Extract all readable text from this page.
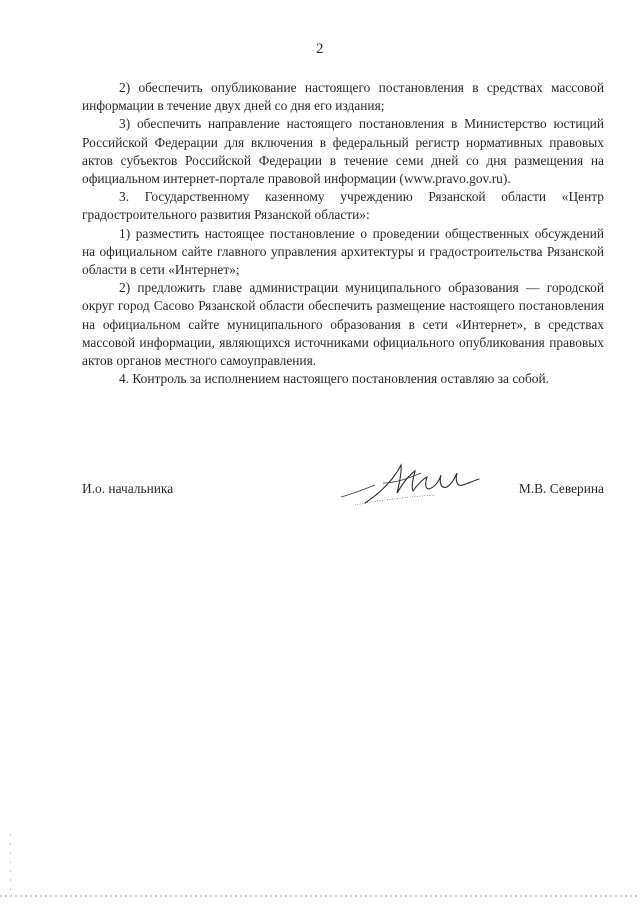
2

2) обеспечить опубликование настоящего постановления в средствах массовой информации в течение двух дней со дня его издания;

3) обеспечить направление настоящего постановления в Министерство юстиций Российской Федерации для включения в федеральный регистр нормативных правовых актов субъектов Российской Федерации в течение семи дней со дня размещения на официальном интернет-портале правовой информации (www.pravo.gov.ru).

3. Государственному казенному учреждению Рязанской области «Центр градостроительного развития Рязанской области»:

1) разместить настоящее постановление о проведении общественных обсуждений на официальном сайте главного управления архитектуры и градостроительства Рязанской области в сети «Интернет»;

2) предложить главе администрации муниципального образования — городской округ город Сасово Рязанской области обеспечить размещение настоящего постановления на официальном сайте муниципального образования в сети «Интернет», в средствах массовой информации, являющихся источниками официального опубликования правовых актов органов местного самоуправления.

4. Контроль за исполнением настоящего постановления оставляю за собой.

И.о. начальника	М.В. Северина
